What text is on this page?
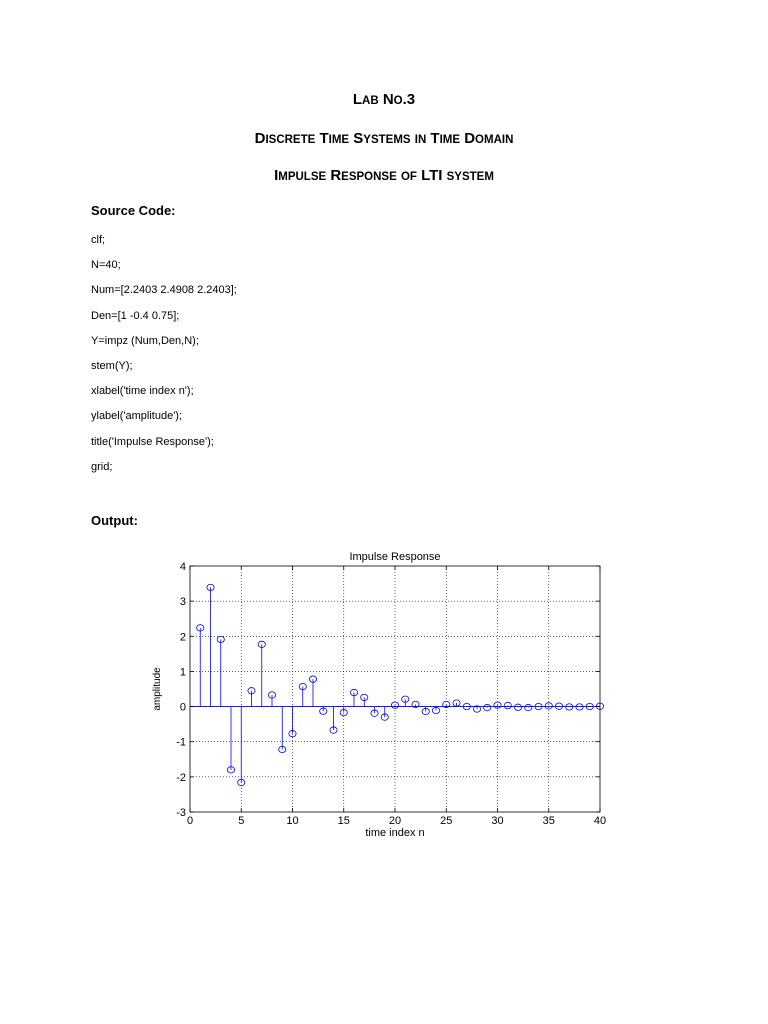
LAB NO.3
DISCRETE TIME SYSTEMS IN TIME DOMAIN
IMPULSE RESPONSE OF LTI SYSTEM
Source Code:
clf;
N=40;
Num=[2.2403 2.4908 2.2403];
Den=[1 -0.4 0.75];
Y=impz (Num,Den,N);
stem(Y);
xlabel('time index n');
ylabel('amplitude');
title('Impulse Response');
grid;
Output:
0	5	10	15	20	25	30	35	40
-3
-2
-1
0
1
2
3
4
Impulse Response
time index n
amplitude
